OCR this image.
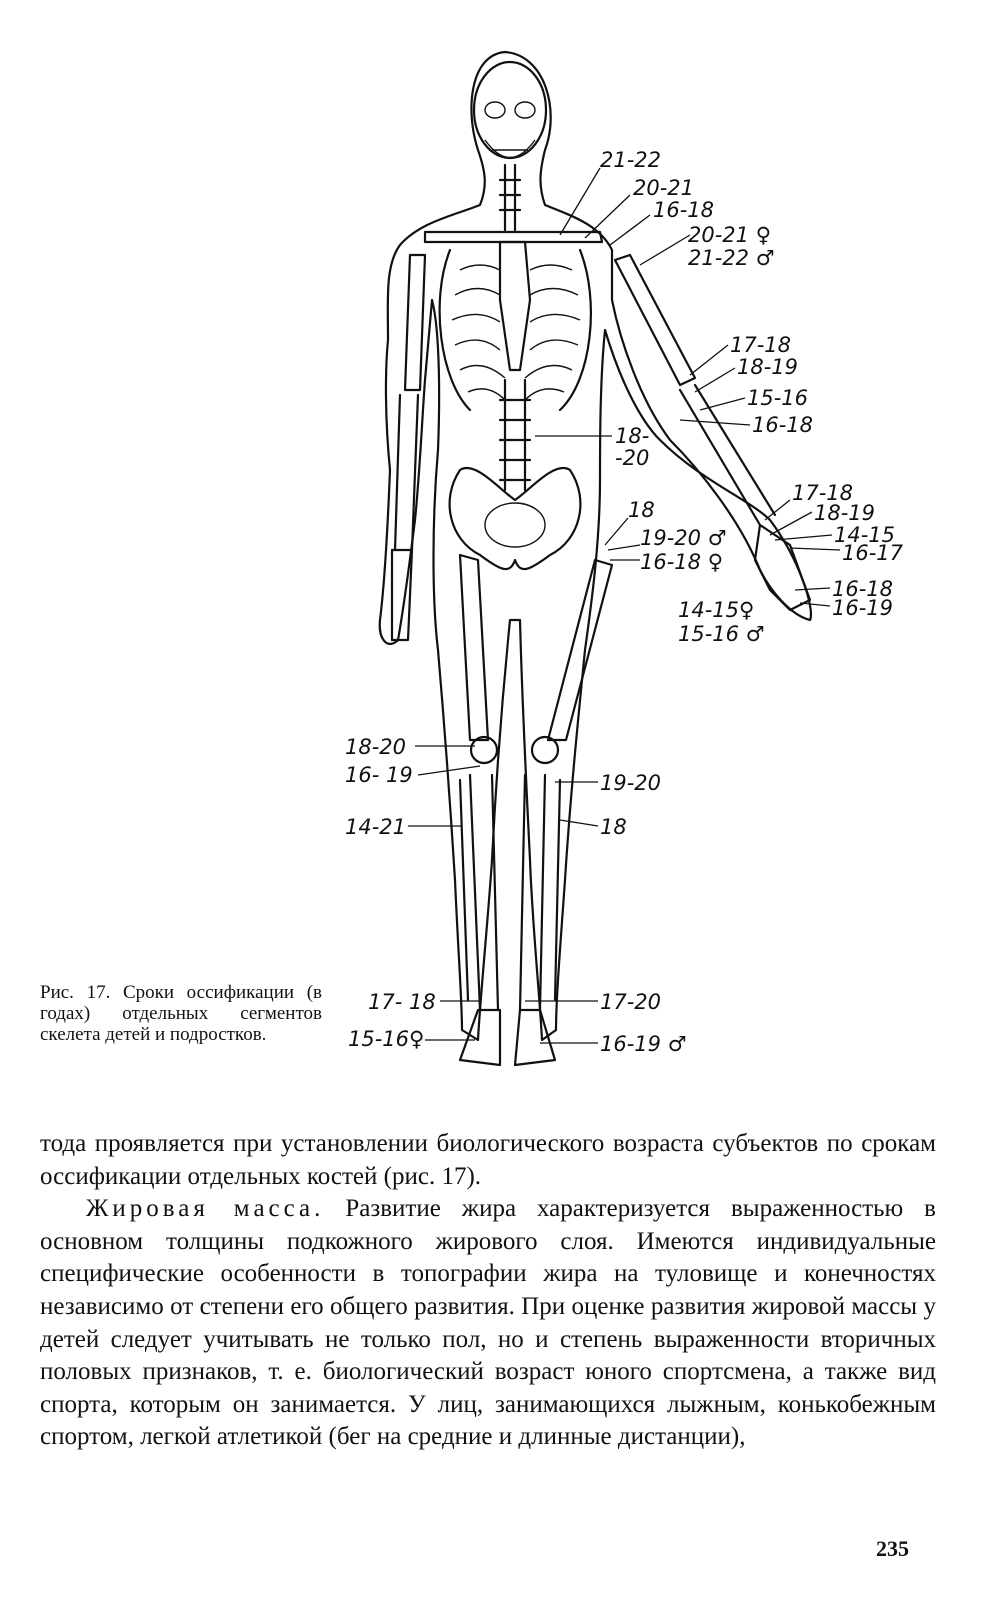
21-22
20-21
16-18
20-21 ♀
21-22 ♂
17-18
18-19
15-16
16-18
18-
-20
17-18
18-19
14-15
16-17
18
19-20 ♂
16-18 ♀
16-18
16-19
14-15♀
15-16 ♂
18-20
16- 19	19-20
14-21	18
17- 18
15-16♀
17-20
16-19 ♂
Рис. 17. Сроки оссификации (в годах) отдельных сегментов скелета детей и подростков.

тода проявляется при установлении биологического возраста субъектов по срокам оссификации отдельных костей (рис. 17).

Жировая масса. Развитие жира характеризуется выраженностью в основном толщины подкожного жирового слоя. Имеются индивидуальные специфические особенности в топографии жира на туловище и конечностях независимо от степени его общего развития. При оценке развития жировой массы у детей следует учитывать не только пол, но и степень выраженности вторичных половых признаков, т. е. биологический возраст юного спортсмена, а также вид спорта, которым он занимается. У лиц, занимающихся лыжным, конькобежным спортом, легкой атлетикой (бег на средние и длинные дистанции),

235
